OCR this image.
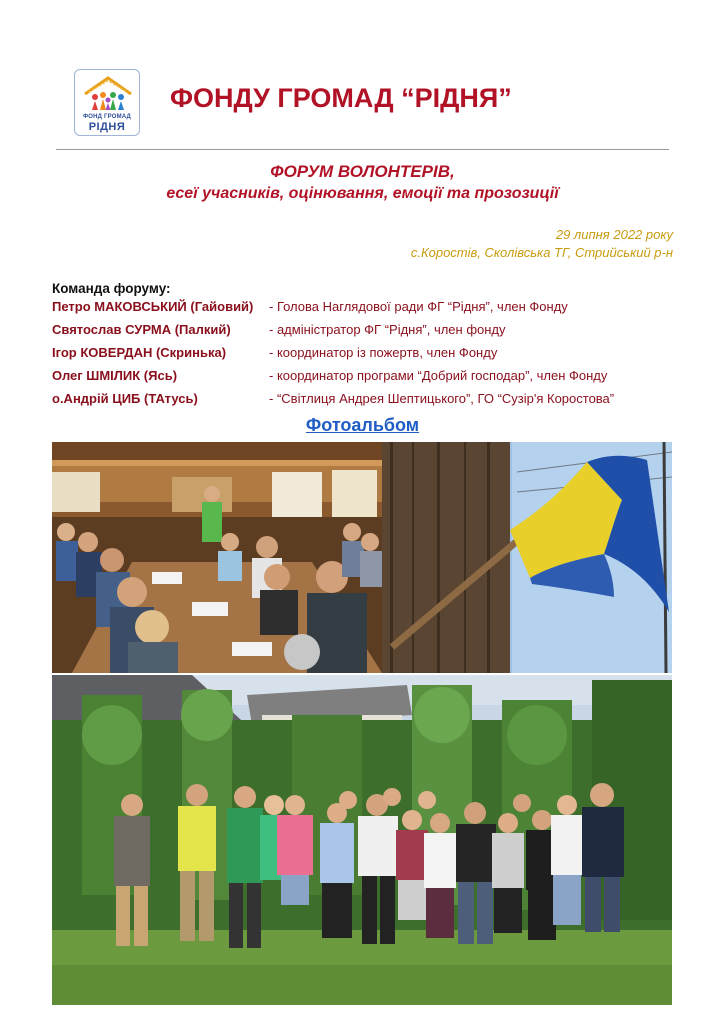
ФОНД ГРОМАД
РІДНЯ
ФОНДУ ГРОМАД “РІДНЯ”
ФОРУМ ВОЛОНТЕРІВ,
есеї учасників, оцінювання, емоції та прозозиції
29 липня 2022 року
с.Коростів, Сколівська ТГ, Стрийський р-н
Команда форуму:
Петро МАКОВСЬКИЙ (Гайовий) - Голова Наглядової ради ФГ “Рідня”, член Фонду
Святослав СУРМА (Палкий)	- адміністратор ФГ “Рідня”, член фонду
Ігор КОВЕРДАН (Скринька)	- координатор із пожертв, член Фонду
Олег ШМІЛИК (Ясь)	- координатор програми “Добрий господар”, член Фонду
о.Андрій ЦИБ (ТАтусь)	- “Світлиця Андрея Шептицького”, ГО “Сузір'я Коростова”
Фотоальбом
